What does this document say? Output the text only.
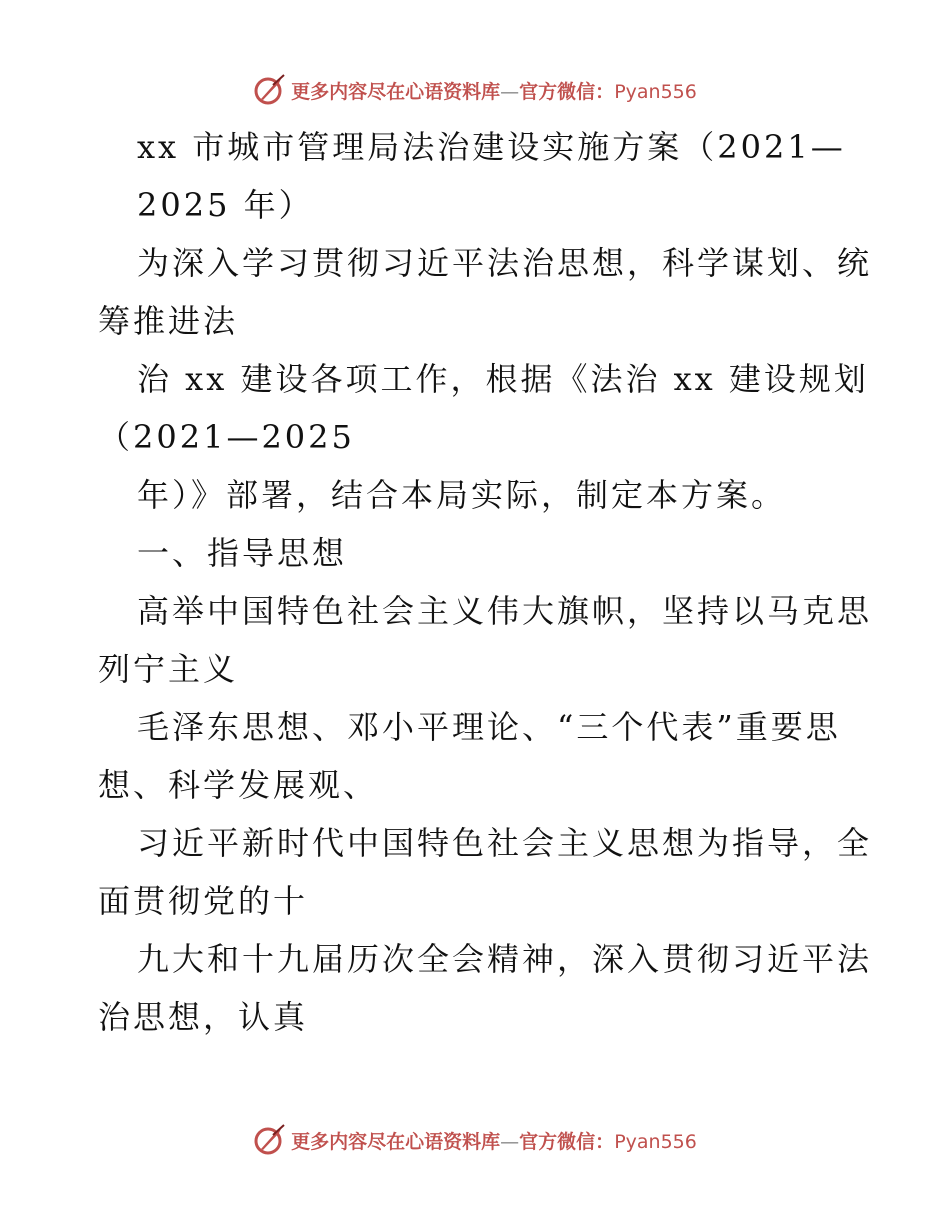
更多内容尽在心语资料库—官方微信：Pyan556
xx 市城市管理局法治建设实施方案（2021—
2025 年）
为深入学习贯彻习近平法治思想，科学谋划、统
筹推进法
治 xx 建设各项工作，根据《法治 xx 建设规划
（2021—2025
年）》部署，结合本局实际，制定本方案。
一、指导思想
高举中国特色社会主义伟大旗帜，坚持以马克思
列宁主义
毛泽东思想、邓小平理论、“三个代表”重要思
想、科学发展观、
习近平新时代中国特色社会主义思想为指导，全
面贯彻党的十
九大和十九届历次全会精神，深入贯彻习近平法
治思想，认真
更多内容尽在心语资料库—官方微信：Pyan556
